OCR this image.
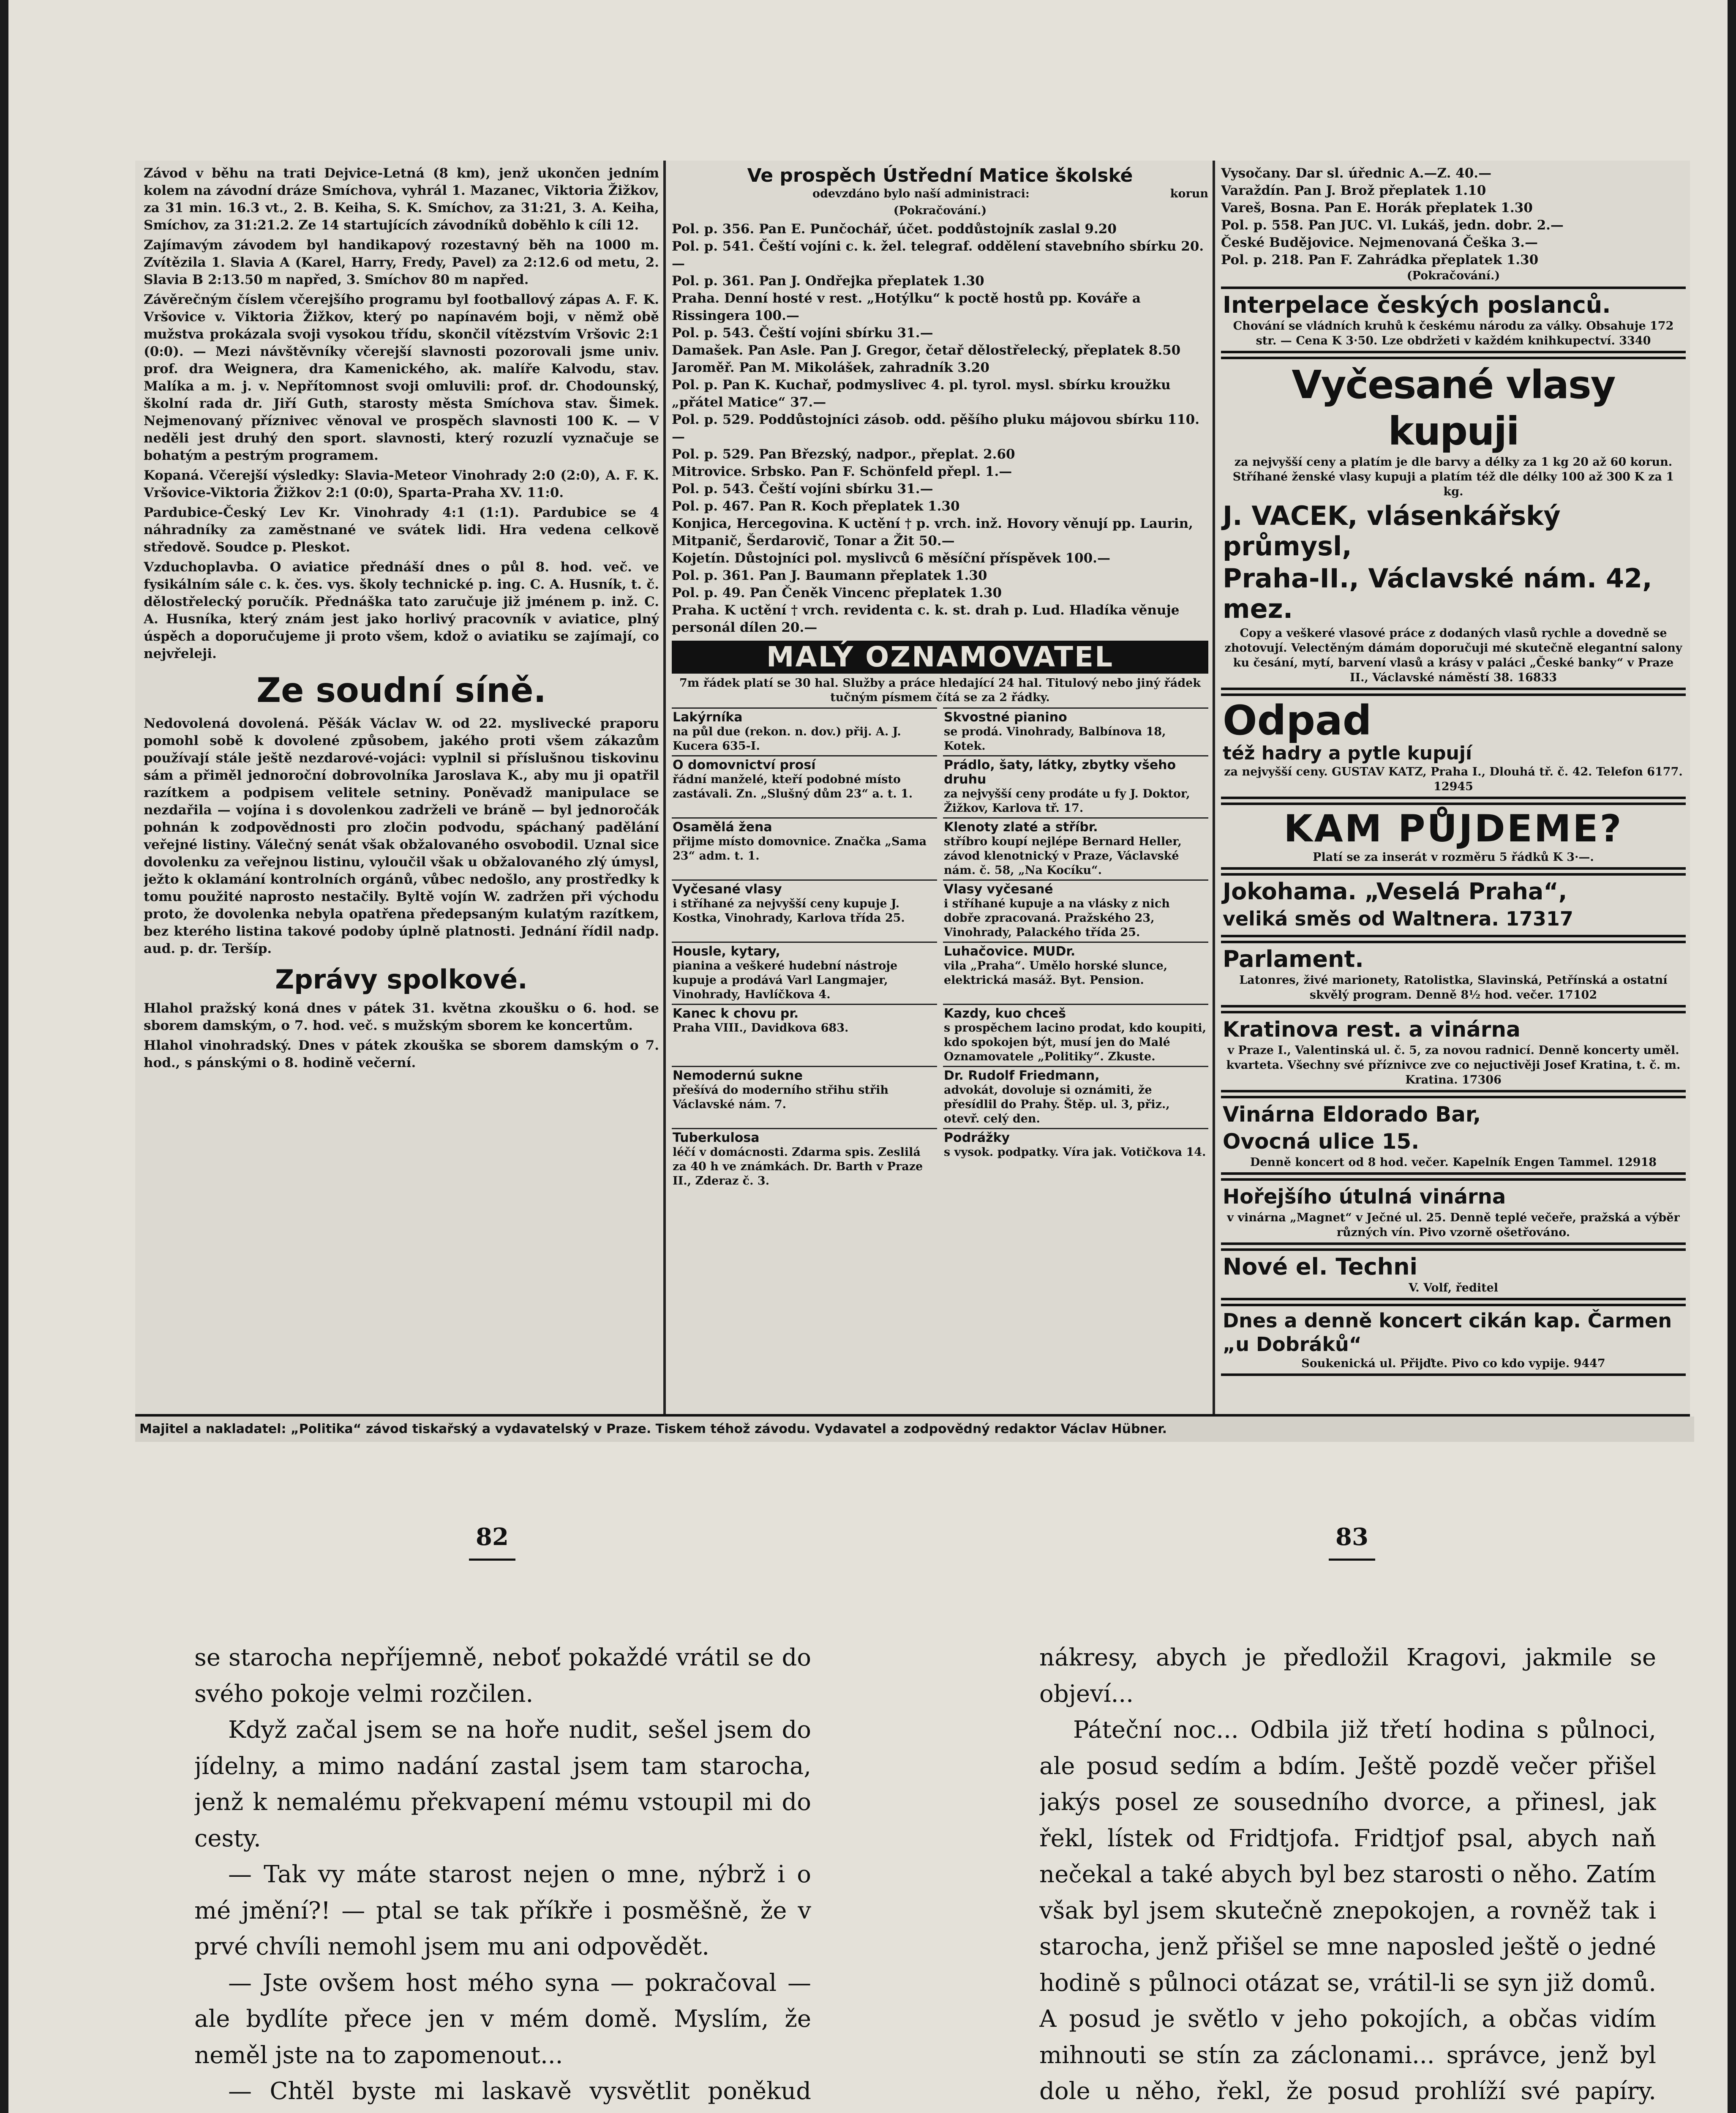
Závod v běhu na trati Dejvice-Letná (8 km), jenž ukončen jedním kolem na závodní dráze Smíchova, vyhrál 1. Mazanec, Viktoria Žižkov, za 31 min. 16.3 vt., 2. B. Keiha, S. K. Smíchov, za 31:21, 3. A. Keiha, Smíchov, za 31:21.2. Ze 14 startujících závodníků doběhlo k cíli 12.

Zajímavým závodem byl handikapový rozestavný běh na 1000 m. Zvítězila 1. Slavia A (Karel, Harry, Fredy, Pavel) za 2:12.6 od metu, 2. Slavia B 2:13.50 m napřed, 3. Smíchov 80 m napřed.

Závěrečným číslem včerejšího programu byl footballový zápas A. F. K. Vršovice v. Viktoria Žižkov, který po napínavém boji, v němž obě mužstva prokázala svoji vysokou třídu, skončil vítězstvím Vršovic 2:1 (0:0). — Mezi návštěvníky včerejší slavnosti pozorovali jsme univ. prof. dra Weignera, dra Kamenického, ak. malíře Kalvodu, stav. Malíka a m. j. v. Nepřítomnost svoji omluvili: prof. dr. Chodounský, školní rada dr. Jiří Guth, starosty města Smíchova stav. Šimek. Nejmenovaný příznivec věnoval ve prospěch slavnosti 100 K. — V neděli jest druhý den sport. slavnosti, který rozuzlí vyznačuje se bohatým a pestrým programem.

Kopaná. Včerejší výsledky: Slavia-Meteor Vinohrady 2:0 (2:0), A. F. K. Vršovice-Viktoria Žižkov 2:1 (0:0), Sparta-Praha XV. 11:0.

Pardubice-Český Lev Kr. Vinohrady 4:1 (1:1). Pardubice se 4 náhradníky za zaměstnané ve svátek lidi. Hra vedena celkově středově. Soudce p. Pleskot.

Vzduchoplavba. O aviatice přednáší dnes o půl 8. hod. več. ve fysikálním sále c. k. čes. vys. školy technické p. ing. C. A. Husník, t. č. dělostřelecký poručík. Přednáška tato zaručuje již jménem p. inž. C. A. Husníka, který znám jest jako horlivý pracovník v aviatice, plný úspěch a doporučujeme ji proto všem, kdož o aviatiku se zajímají, co nejvřeleji.

Ze soudní síně.

Nedovolená dovolená. Pěšák Václav W. od 22. myslivecké praporu pomohl sobě k dovolené způsobem, jakého proti všem zákazům používají stále ještě nezdarové-vojáci: vyplnil si příslušnou tiskovinu sám a přiměl jednoroční dobrovolníka Jaroslava K., aby mu ji opatřil razítkem a podpisem velitele setniny. Poněvadž manipulace se nezdařila — vojína i s dovolenkou zadrželi ve bráně — byl jednoročák pohnán k zodpovědnosti pro zločin podvodu, spáchaný padělání veřejné listiny. Válečný senát však obžalovaného osvobodil. Uznal sice dovolenku za veřejnou listinu, vyloučil však u obžalovaného zlý úmysl, ježto k oklamání kontrolních orgánů, vůbec nedošlo, any prostředky k tomu použité naprosto nestačily. Byltě vojín W. zadržen při východu proto, že dovolenka nebyla opatřena předepsaným kulatým razítkem, bez kterého listina takové podoby úplně platnosti. Jednání řídil nadp. aud. p. dr. Teršíp.

Zprávy spolkové.

Hlahol pražský koná dnes v pátek 31. května zkoušku o 6. hod. se sborem damským, o 7. hod. več. s mužským sborem ke koncertům.

Hlahol vinohradský. Dnes v pátek zkouška se sborem damským o 7. hod., s pánskými o 8. hodině večerní.

Ve prospěch Ústřední Matice školské

odevzdáno bylo naší administraci:	korun

(Pokračování.)

Pol. p. 356. Pan E. Punčochář, účet. poddůstojník zaslal 9.20

Pol. p. 541. Čeští vojíni c. k. žel. telegraf. oddělení stavebního sbírku 20.—

Pol. p. 361. Pan J. Ondřejka přeplatek 1.30

Praha. Denní hosté v rest. „Hotýlku“ k poctě hostů pp. Kováře a Rissingera 100.—

Pol. p. 543. Čeští vojíni sbírku 31.—

Damašek. Pan Asle. Pan J. Gregor, četař dělostřelecký, přeplatek 8.50

Jaroměř. Pan M. Mikolášek, zahradník 3.20

Pol. p. Pan K. Kuchař, podmyslivec 4. pl. tyrol. mysl. sbírku kroužku „přátel Matice“ 37.—

Pol. p. 529. Poddůstojníci zásob. odd. pěšího pluku májovou sbírku 110.—

Pol. p. 529. Pan Březský, nadpor., přeplat. 2.60

Mitrovice. Srbsko. Pan F. Schönfeld přepl. 1.—

Pol. p. 543. Čeští vojíni sbírku 31.—

Pol. p. 467. Pan R. Koch přeplatek 1.30

Konjica, Hercegovina. K uctění † p. vrch. inž. Hovory věnují pp. Laurin, Mitpanič, Šerdarovič, Tonar a Žit 50.—

Kojetín. Důstojníci pol. myslivců 6 měsíční příspěvek 100.—

Pol. p. 361. Pan J. Baumann přeplatek 1.30

Pol. p. 49. Pan Čeněk Vincenc přeplatek 1.30

Praha. K uctění † vrch. revidenta c. k. st. drah p. Lud. Hladíka věnuje personál dílen 20.—

MALÝ OZNAMOVATEL

7m řádek platí se 30 hal. Služby a práce hledající 24 hal. Titulový nebo jiný řádek tučným písmem čítá se za 2 řádky.

Lakýrníka
na půl due (rekon. n. dov.) přij. A. J. Kucera 635-I.
Skvostné pianino
se prodá. Vinohrady, Balbínova 18, Kotek.
O domovnictví prosí
řádní manželé, kteří podobné místo zastávali. Zn. „Slušný dům 23“ a. t. 1.
Prádlo, šaty, látky, zbytky všeho druhu
za nejvyšší ceny prodáte u fy J. Doktor, Žižkov, Karlova tř. 17.
Osamělá žena
přijme místo domovnice. Značka „Sama 23“ adm. t. 1.
Klenoty zlaté a stříbr.
stříbro koupí nejlépe Bernard Heller, závod klenotnický v Praze, Václavské nám. č. 58, „Na Kocíku“.
Vyčesané vlasy
i stříhané za nejvyšší ceny kupuje J. Kostka, Vinohrady, Karlova třída 25.
Vlasy vyčesané
i stříhané kupuje a na vlásky z nich dobře zpracovaná. Pražského 23, Vinohrady, Palackého třída 25.
Housle, kytary,
pianina a veškeré hudební nástroje kupuje a prodává Varl Langmajer, Vinohrady, Havlíčkova 4.
Luhačovice. MUDr.
vila „Praha“. Umělo horské slunce, elektrická masáž. Byt. Pension.
Kanec k chovu pr.
Praha VIII., Davidkova 683.
Kazdy, kuo chceš
s prospěchem lacino prodat, kdo koupiti, kdo spokojen být, musí jen do Malé Oznamovatele „Politiky“. Zkuste.
Nemodernú sukne
přešívá do moderního střihu střih Václavské nám. 7.
Dr. Rudolf Friedmann,
advokát, dovoluje si oznámiti, že přesídlil do Prahy. Štěp. ul. 3, přiz., otevř. celý den.
Tuberkulosa
léčí v domácnosti. Zdarma spis. Zeslilá za 40 h ve známkách. Dr. Barth v Praze II., Zderaz č. 3.
Podrážky
s vysok. podpatky. Víra jak. Votičkova 14.

Vysočany. Dar sl. úřednic A.—Z. 40.—

Varaždín. Pan J. Brož přeplatek 1.10

Vareš, Bosna. Pan E. Horák přeplatek 1.30

Pol. p. 558. Pan JUC. Vl. Lukáš, jedn. dobr. 2.—

České Budějovice. Nejmenovaná Češka 3.—

Pol. p. 218. Pan F. Zahrádka přeplatek 1.30

(Pokračování.)

Interpelace českých poslanců.

Chování se vládních kruhů k českému národu za války. Obsahuje 172 str. — Cena K 3·50. Lze obdržeti v každém knihkupectví. 3340

Vyčesané vlasy kupuji

za nejvyšší ceny a platím je dle barvy a délky za 1 kg 20 až 60 korun. Stříhané ženské vlasy kupuji a platím též dle délky 100 až 300 K za 1 kg.

J. VACEK, vlásenkářský průmysl,

Praha-II., Václavské nám. 42, mez.

Copy a veškeré vlasové práce z dodaných vlasů rychle a dovedně se zhotovují. Velectěným dámám doporučuji mé skutečně elegantní salony ku česání, mytí, barvení vlasů a krásy v paláci „České banky“ v Praze II., Václavské náměstí 38. 16833

Odpad

též hadry a pytle kupují

za nejvyšší ceny. GUSTAV KATZ, Praha I., Dlouhá tř. č. 42. Telefon 6177. 12945

KAM PŮJDEME?

Platí se za inserát v rozměru 5 řádků K 3·—.

Jokohama. „Veselá Praha“,

veliká směs od Waltnera. 17317

Parlament.

Latonres, živé marionety, Ratolistka, Slavinská, Petřínská a ostatní skvělý program. Denně 8½ hod. večer. 17102

Kratinova rest. a vinárna

v Praze I., Valentinská ul. č. 5, za novou radnicí. Denně koncerty uměl. kvarteta. Všechny své příznivce zve co nejuctivěji Josef Kratina, t. č. m. Kratina. 17306

Vinárna Eldorado Bar,

Ovocná ulice 15.

Denně koncert od 8 hod. večer. Kapelník Engen Tammel. 12918

Hořejšího útulná vinárna

v vinárna „Magnet“ v Ječné ul. 25. Denně teplé večeře, pražská a výběr různých vín. Pivo vzorně ošetřováno.

Nové el. Techni

V. Volf, ředitel

Dnes a denně koncert cikán kap. Čarmen „u Dobráků“

Soukenická ul. Přijďte. Pivo co kdo vypije. 9447

Majitel a nakladatel: „Politika“ závod tiskařský a vydavatelský v Praze. Tiskem téhož závodu. Vydavatel a zodpovědný redaktor Václav Hübner.
82	83

se starocha nepříjemně, neboť pokaždé vrátil se do svého pokoje velmi rozčilen.

Když začal jsem se na hoře nudit, sešel jsem do jídelny, a mimo nadání zastal jsem tam starocha, jenž k nemalému překvapení mému vstoupil mi do cesty.

— Tak vy máte starost nejen o mne, nýbrž i o mé jmění?! — ptal se tak příkře i posměšně, že v prvé chvíli nemohl jsem mu ani odpovědět.

— Jste ovšem host mého syna — pokračoval — ale bydlíte přece jen v mém domě. Myslím, že neměl jste na to zapomenout...

— Chtěl byste mi laskavě vysvětlit poněkud

nákresy, abych je předložil Kragovi, jakmile se objeví...

Páteční noc... Odbila již třetí hodina s půlnoci, ale posud sedím a bdím. Ještě pozdě večer přišel jakýs posel ze sousedního dvorce, a přinesl, jak řekl, lístek od Fridtjofa. Fridtjof psal, abych naň nečekal a také abych byl bez starosti o něho. Zatím však byl jsem skutečně znepokojen, a rovněž tak i starocha, jenž přišel se mne naposled ještě o jedné hodině s půlnoci otázat se, vrátil-li se syn již domů. A posud je světlo v jeho pokojích, a občas vidím mihnouti se stín za záclonami... správce, jenž byl dole u něho, řekl, že posud prohlíží své papíry.
